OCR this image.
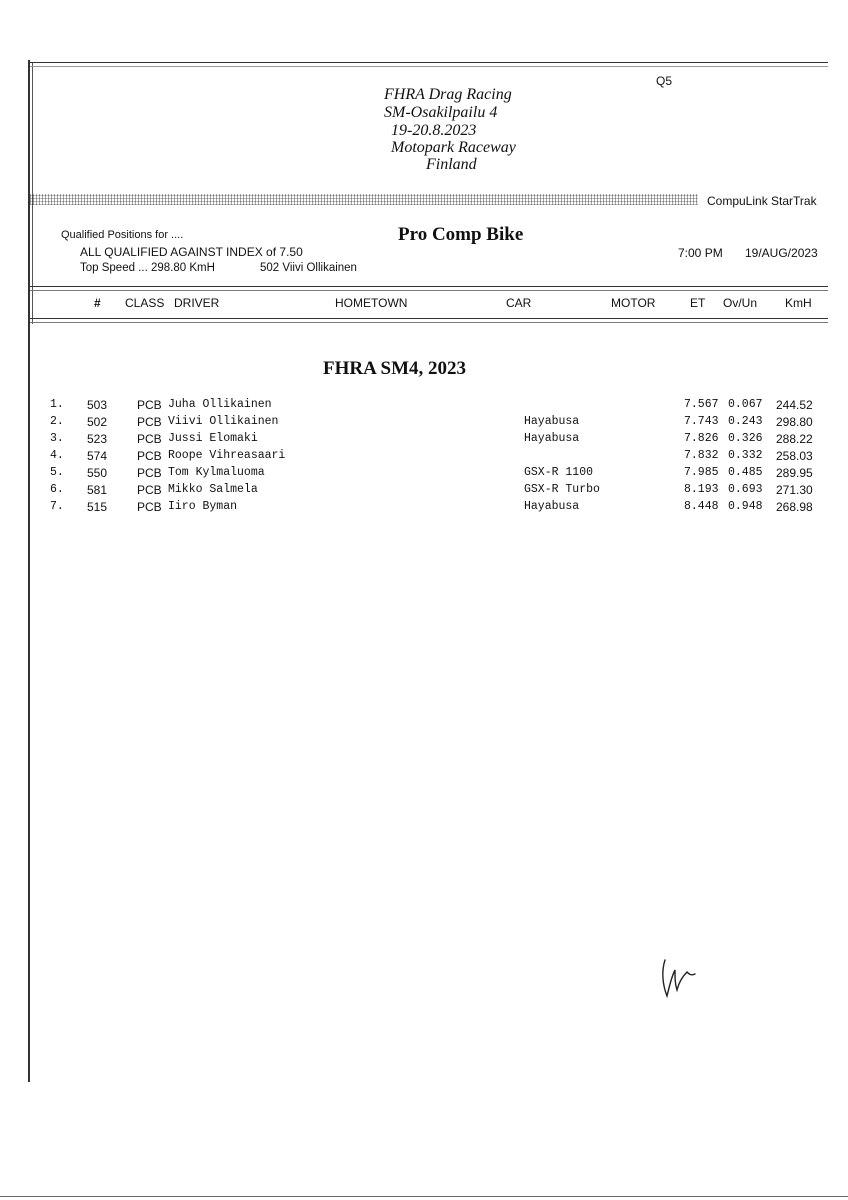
Q5
FHRA Drag Racing
SM-Osakilpailu 4
19-20.8.2023
Motopark Raceway
Finland
CompuLink StarTrak
Qualified Positions for ....	Pro Comp Bike
ALL QUALIFIED AGAINST INDEX of 7.50
Top Speed ... 298.80 KmH	502 Viivi Ollikainen
7:00 PM 19/AUG/2023
# CLASS DRIVER	HOMETOWN	CAR	MOTOR	ET Ov/Un KmH
FHRA SM4, 2023
1. 503 PCB Juha Ollikainen	7.567 0.067 244.52
2. 502 PCB Viivi Ollikainen	Hayabusa	7.743 0.243 298.80
3. 523 PCB Jussi Elomaki	Hayabusa	7.826 0.326 288.22
4. 574 PCB Roope Vihreasaari	7.832 0.332 258.03
5. 550 PCB Tom Kylmaluoma	GSX-R 1100	7.985 0.485 289.95
6. 581 PCB Mikko Salmela	GSX-R Turbo	8.193 0.693 271.30
7. 515 PCB Iiro Byman	Hayabusa	8.448 0.948 268.98
